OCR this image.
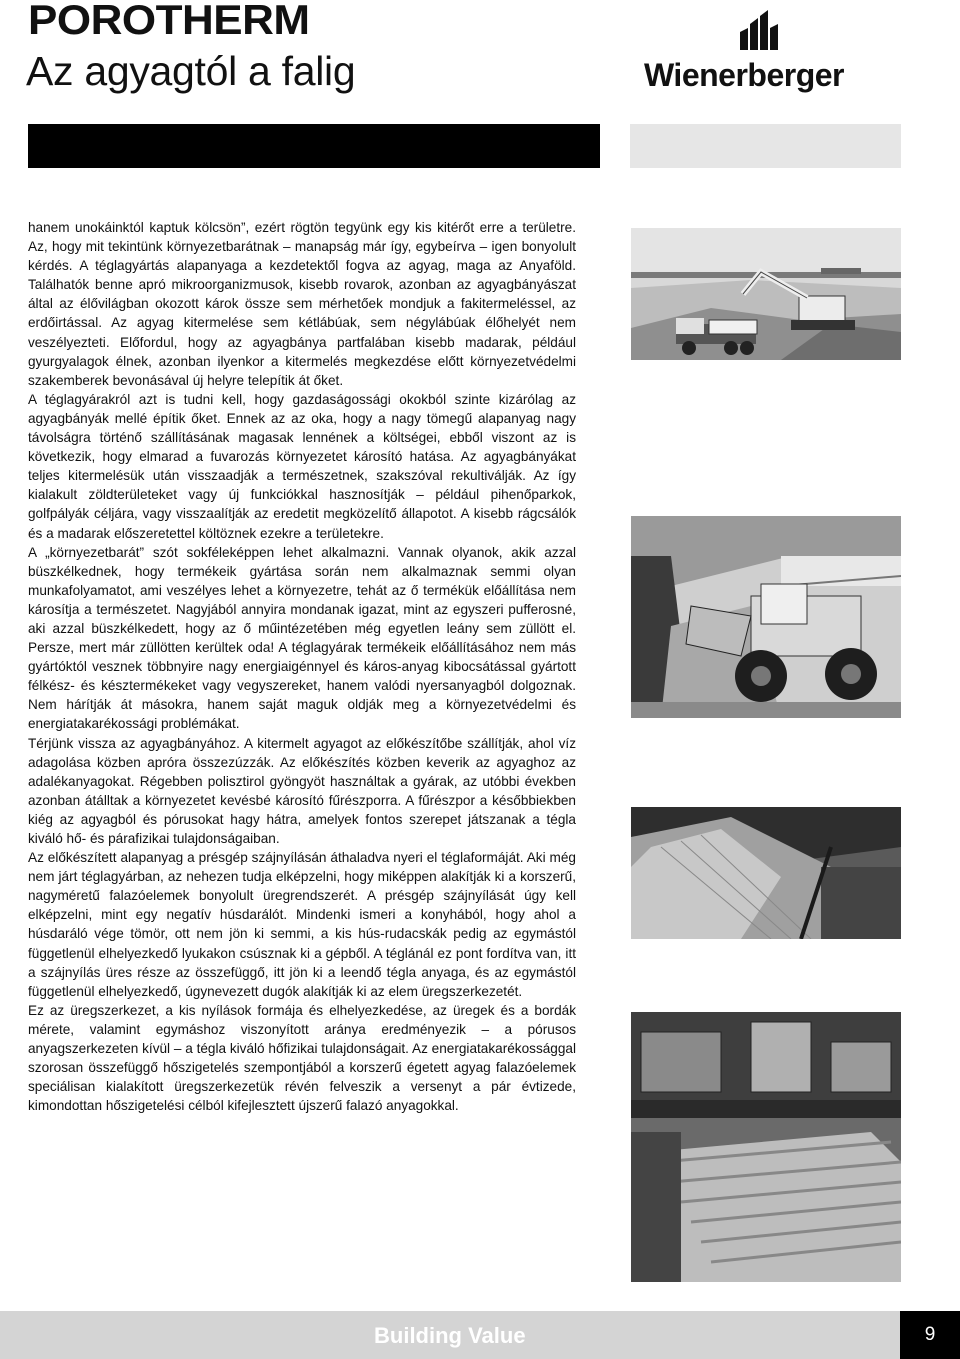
POROTHERM
Az agyagtól a falig	Wienerberger

hanem unokáinktól kaptuk kölcsön”, ezért rögtön tegyünk egy kis kitérőt erre a területre. Az, hogy mit tekintünk környezetbarátnak – manapság már így, egybeírva – igen bonyolult kérdés. A téglagyártás alapanyaga a kezdetektől fogva az agyag, maga az Anyaföld. Találhatók benne apró mikroorganizmusok, kisebb rovarok, azonban az agyagbányászat által az élővilágban okozott károk össze sem mérhetőek mondjuk a fakitermeléssel, az erdőirtással. Az agyag kitermelése sem kétlábúak, sem négylábúak élőhelyét nem veszélyezteti. Előfordul, hogy az agyagbánya partfalában kisebb madarak, például gyurgyalagok élnek, azonban ilyenkor a kitermelés megkezdése előtt környezetvédelmi szakemberek bevonásával új helyre telepítik át őket.

A téglagyárakról azt is tudni kell, hogy gazdaságossági okokból szinte kizárólag az agyagbányák mellé építik őket. Ennek az az oka, hogy a nagy tömegű alapanyag nagy távolságra történő szállításának magasak lennének a költségei, ebből viszont az is következik, hogy elmarad a fuvarozás környezetet károsító hatása. Az agyagbányákat teljes kitermelésük után visszaadják a természetnek, szakszóval rekultiválják. Az így kialakult zöldterületeket vagy új funkciókkal hasznosítják – például pihenőparkok, golfpályák céljára, vagy visszaalítják az eredetit megközelítő állapotot. A kisebb rágcsálók és a madarak előszeretettel költöznek ezekre a területekre.

A „környezetbarát” szót sokféleképpen lehet alkalmazni. Vannak olyanok, akik azzal büszkélkednek, hogy termékeik gyártása során nem alkalmaznak semmi olyan munkafolyamatot, ami veszélyes lehet a környezetre, tehát az ő termékük előállítása nem károsítja a természetet. Nagyjából annyira mondanak igazat, mint az egyszeri pufferosné, aki azzal büszkélkedett, hogy az ő műintézetében még egyetlen leány sem züllött el. Persze, mert már züllötten kerültek oda! A téglagyárak termékeik előállításához nem más gyártóktól vesznek többnyire nagy energiaigénnyel és káros-anyag kibocsátással gyártott félkész- és késztermékeket vagy vegyszereket, hanem valódi nyersanyagból dolgoznak. Nem hárítják át másokra, hanem saját maguk oldják meg a környezetvédelmi és energiatakarékossági problémákat.

Térjünk vissza az agyagbányához. A kitermelt agyagot az előkészítőbe szállítják, ahol víz adagolása közben apróra összezúzzák. Az előkészítés közben keverik az agyaghoz az adalékanyagokat. Régebben polisztirol gyöngyöt használtak a gyárak, az utóbbi években azonban átálltak a környezetet kevésbé károsító fűrészporra. A fűrészpor a későbbiekben kiég az agyagból és pórusokat hagy hátra, amelyek fontos szerepet játszanak a tégla kiváló hő- és párafizikai tulajdonságaiban.

Az előkészített alapanyag a présgép szájnyílásán áthaladva nyeri el téglaformáját. Aki még nem járt téglagyárban, az nehezen tudja elképzelni, hogy miképpen alakítják ki a korszerű, nagyméretű falazóelemek bonyolult üregrendszerét. A présgép szájnyílását úgy kell elképzelni, mint egy negatív húsdarálót. Mindenki ismeri a konyhából, hogy ahol a húsdaráló vége tömör, ott nem jön ki semmi, a kis hús-rudacskák pedig az egymástól függetlenül elhelyezkedő lyukakon csúsznak ki a gépből. A téglánál ez pont fordítva van, itt a szájnyílás üres része az összefüggő, itt jön ki a leendő tégla anyaga, és az egymástól függetlenül elhelyezkedő, úgynevezett dugók alakítják ki az elem üregszerkezetét.

Ez az üregszerkezet, a kis nyílások formája és elhelyezkedése, az üregek és a bordák mérete, valamint egymáshoz viszonyított aránya eredményezik – a pórusos anyagszerkezeten kívül – a tégla kiváló hőfizikai tulajdonságait. Az energiatakarékossággal szorosan összefüggő hőszigetelés szempontjából a korszerű égetett agyag falazóelemek speciálisan kialakított üregszerkezetük révén felveszik a versenyt a pár évtizede, kimondottan hőszigetelési célból kifejlesztett újszerű falazó anyagokkal.

Building Value	9
